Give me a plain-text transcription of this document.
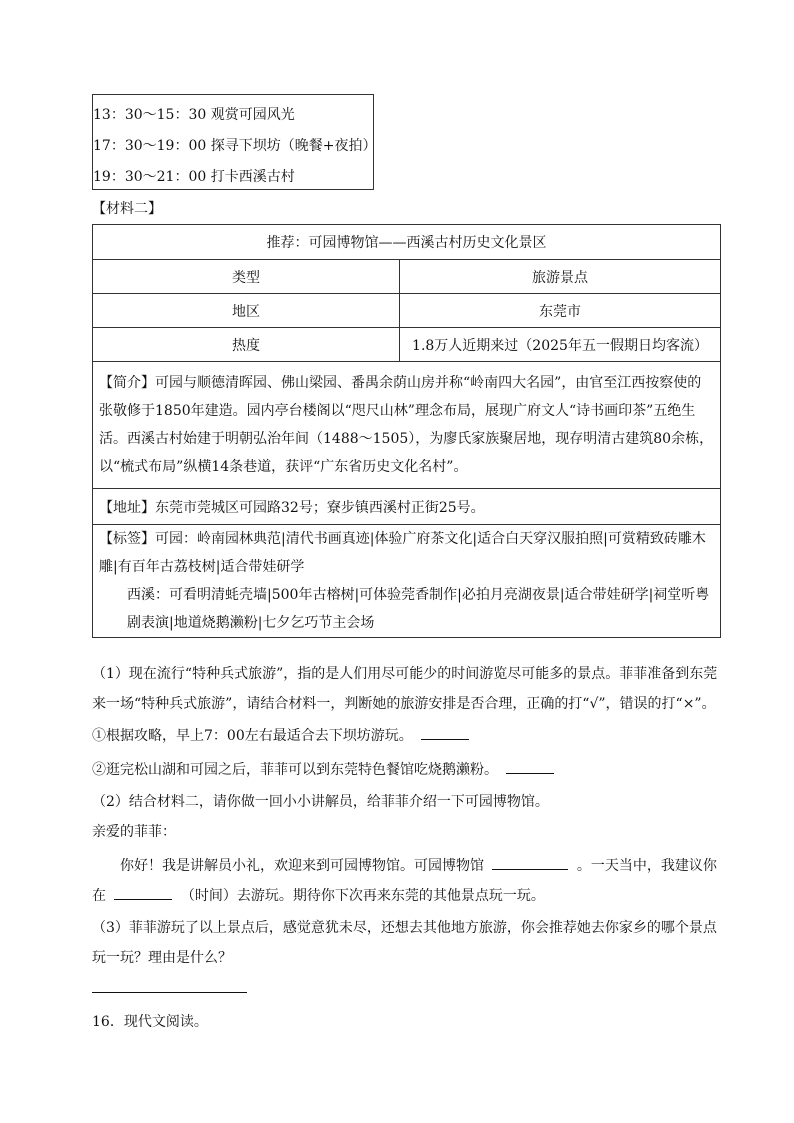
13：30～15：30 观赏可园风光
17：30～19：00 探寻下坝坊（晚餐+夜拍）
19：30～21：00 打卡西溪古村
【材料二】
推荐：可园博物馆——西溪古村历史文化景区	
类型	旅游景点
地区	东莞市
热度	1.8万人近期来过（2025年五一假期日均客流）
【简介】可园与顺德清晖园、佛山梁园、番禺余荫山房并称“岭南四大名园”，由官至江西按察使的张敬修于1850年建造。园内亭台楼阁以“咫尺山林”理念布局，展现广府文人“诗书画印茶”五绝生活。西溪古村始建于明朝弘治年间（1488～1505），为廖氏家族聚居地，现存明清古建筑80余栋，以“梳式布局”纵横14条巷道，获评“广东省历史文化名村”。	
【地址】东莞市莞城区可园路32号；寮步镇西溪村正街25号。	

【标签】可园：岭南园林典范|清代书画真迹|体验广府茶文化|适合白天穿汉服拍照|可赏精致砖雕木雕|有百年古荔枝树|适合带娃研学
西溪：可看明清蚝壳墙|500年古榕树|可体验莞香制作|必拍月亮湖夜景|适合带娃研学|祠堂听粤剧表演|地道烧鹅濑粉|七夕乞巧节主会场	
（1）现在流行“特种兵式旅游”，指的是人们用尽可能少的时间游览尽可能多的景点。菲菲准备到东莞
来一场“特种兵式旅游”，请结合材料一，判断她的旅游安排是否合理，正确的打“√”，错误的打“×”。
①根据攻略，早上7：00左右最适合去下坝坊游玩。
②逛完松山湖和可园之后，菲菲可以到东莞特色餐馆吃烧鹅濑粉。
（2）结合材料二，请你做一回小小讲解员，给菲菲介绍一下可园博物馆。
亲爱的菲菲：
你好！我是讲解员小礼，欢迎来到可园博物馆。可园博物馆	。一天当中，我建议你
在	（时间）去游玩。期待你下次再来东莞的其他景点玩一玩。
（3）菲菲游玩了以上景点后，感觉意犹未尽，还想去其他地方旅游，你会推荐她去你家乡的哪个景点
玩一玩？理由是什么？
16．现代文阅读。
